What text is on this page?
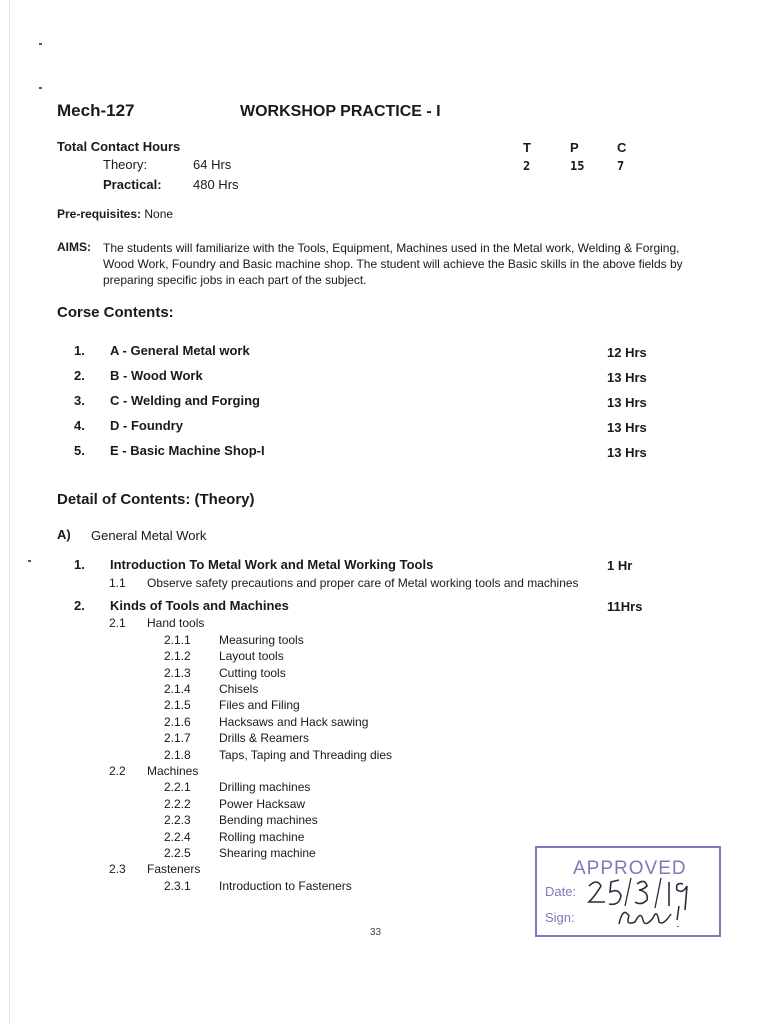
Mech-127	WORKSHOP PRACTICE - I
T	P	C
2	15	7
Total Contact Hours
Theory:	64 Hrs
Practical: 480 Hrs
Pre-requisites: None
AIMS: The students will familiarize with the Tools, Equipment, Machines used in the Metal work, Welding & Forging, Wood Work, Foundry and Basic machine shop. The student will achieve the Basic skills in the above fields by preparing specific jobs in each part of the subject.
Corse Contents:
1. A - General Metal work	12 Hrs
2. B - Wood Work	13 Hrs
3. C - Welding and Forging	13 Hrs
4. D - Foundry	13 Hrs
5. E - Basic Machine Shop-I	13 Hrs
Detail of Contents: (Theory)
A) General Metal Work
1. Introduction To Metal Work and Metal Working Tools	1 Hr
1.1 Observe safety precautions and proper care of Metal working tools and machines
2. Kinds of Tools and Machines	11Hrs
2.1 Hand tools
2.1.1 Measuring tools
2.1.2 Layout tools
2.1.3 Cutting tools
2.1.4 Chisels
2.1.5 Files and Filing
2.1.6 Hacksaws and Hack sawing
2.1.7 Drills & Reamers
2.1.8 Taps, Taping and Threading dies
2.2 Machines
2.2.1 Drilling machines
2.2.2 Power Hacksaw
2.2.3 Bending machines
2.2.4 Rolling machine
2.2.5 Shearing machine
2.3 Fasteners
2.3.1 Introduction to Fasteners
33
APPROVED
Date:
Sign:
